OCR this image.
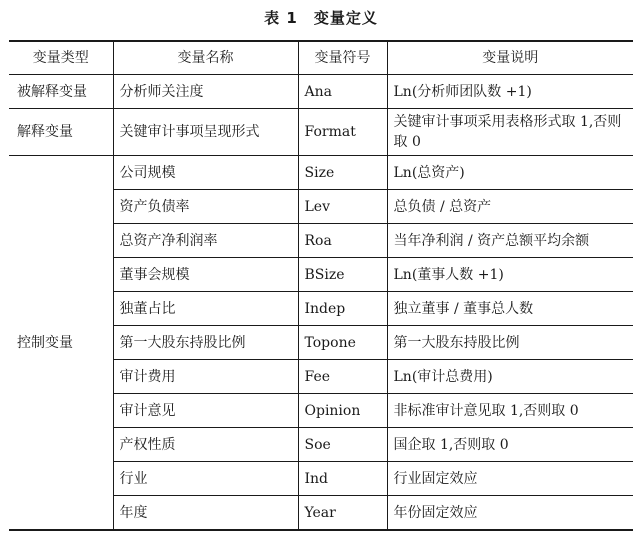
表 1　变量定义
变量类型	变量名称	变量符号	变量说明
被解释变量	分析师关注度	Ana	Ln(分析师团队数 +1)
解释变量	关键审计事项呈现形式	Format	关键审计事项采用表格形式取 1,否则取 0
控制变量	公司规模	Size	Ln(总资产)
	资产负债率	Lev	总负债 / 总资产
	总资产净利润率	Roa	当年净利润 / 资产总额平均余额
	董事会规模	BSize	Ln(董事人数 +1)
	独董占比	Indep	独立董事 / 董事总人数
	第一大股东持股比例	Topone	第一大股东持股比例
	审计费用	Fee	Ln(审计总费用)
	审计意见	Opinion	非标准审计意见取 1,否则取 0
	产权性质	Soe	国企取 1,否则取 0
	行业	Ind	行业固定效应
	年度	Year	年份固定效应
